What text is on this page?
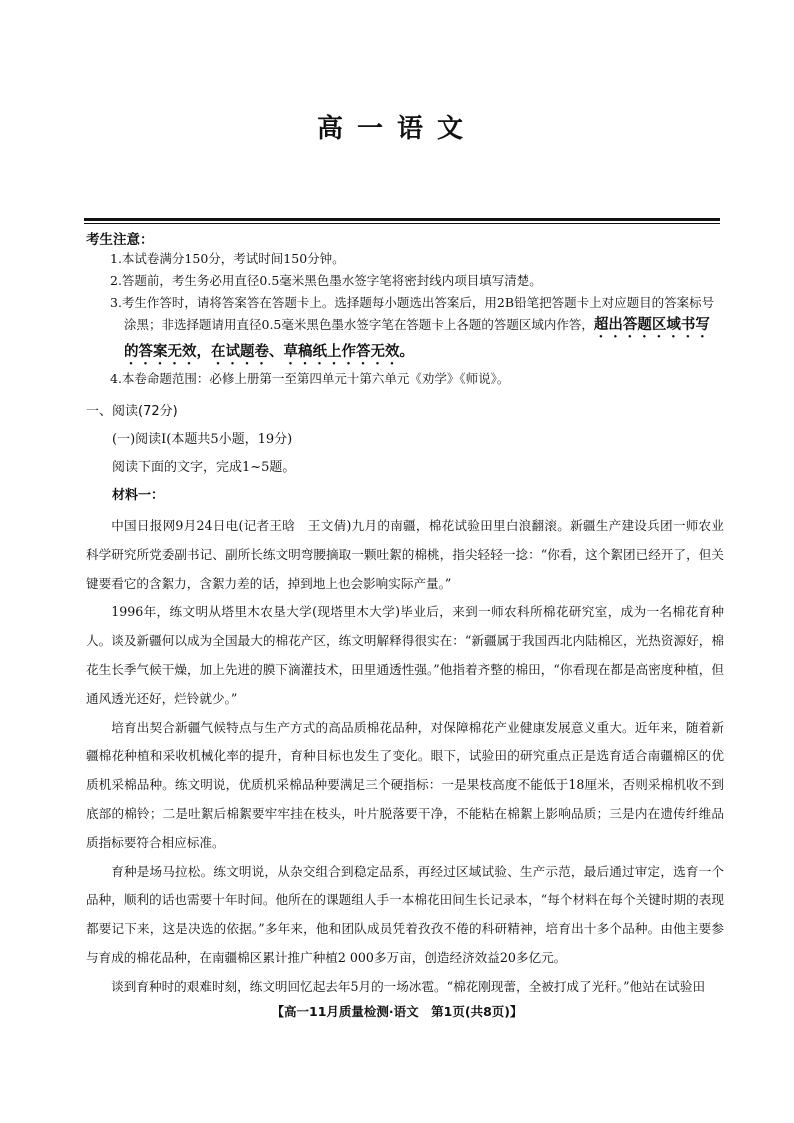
高一语文
考生注意：

1.本试卷满分150分，考试时间150分钟。

2.答题前，考生务必用直径0.5毫米黑色墨水签字笔将密封线内项目填写清楚。

3.考生作答时，请将答案答在答题卡上。选择题每小题选出答案后，用2B铅笔把答题卡上对应题目的答案标号
涂黑；非选择题请用直径0.5毫米黑色墨水签字笔在答题卡上各题的答题区域内作答，超出答题区域书写
的答案无效，在试题卷、草稿纸上作答无效。

4.本卷命题范围：必修上册第一至第四单元十第六单元《劝学》《师说》。

一、阅读(72分)
(一)阅读Ⅰ(本题共5小题，19分)
阅读下面的文字，完成1~5题。
材料一：

中国日报网9月24日电(记者王晗　王文倩)九月的南疆，棉花试验田里白浪翻滚。新疆生产建设兵团一师农业科学研究所党委副书记、副所长练文明弯腰摘取一颗吐絮的棉桃，指尖轻轻一捻：“你看，这个絮团已经开了，但关键要看它的含絮力，含絮力差的话，掉到地上也会影响实际产量。”

1996年，练文明从塔里木农垦大学(现塔里木大学)毕业后，来到一师农科所棉花研究室，成为一名棉花育种人。谈及新疆何以成为全国最大的棉花产区，练文明解释得很实在：“新疆属于我国西北内陆棉区，光热资源好，棉花生长季气候干燥，加上先进的膜下滴灌技术，田里通透性强。”他指着齐整的棉田，“你看现在都是高密度种植，但通风透光还好，烂铃就少。”

培育出契合新疆气候特点与生产方式的高品质棉花品种，对保障棉花产业健康发展意义重大。近年来，随着新疆棉花种植和采收机械化率的提升，育种目标也发生了变化。眼下，试验田的研究重点正是选育适合南疆棉区的优质机采棉品种。练文明说，优质机采棉品种要满足三个硬指标：一是果枝高度不能低于18厘米，否则采棉机收不到底部的棉铃；二是吐絮后棉絮要牢牢挂在枝头，叶片脱落要干净，不能粘在棉絮上影响品质；三是内在遗传纤维品质指标要符合相应标准。

育种是场马拉松。练文明说，从杂交组合到稳定品系，再经过区域试验、生产示范，最后通过审定，选育一个品种，顺利的话也需要十年时间。他所在的课题组人手一本棉花田间生长记录本，“每个材料在每个关键时期的表现都要记下来，这是决选的依据。”多年来，他和团队成员凭着孜孜不倦的科研精神，培育出十多个品种。由他主要参与育成的棉花品种，在南疆棉区累计推广种植2 000多万亩，创造经济效益20多亿元。

谈到育种时的艰难时刻，练文明回忆起去年5月的一场冰雹。“棉花刚现蕾，全被打成了光秆。”他站在试验田

【高一11月质量检测·语文　第1页(共8页)】
